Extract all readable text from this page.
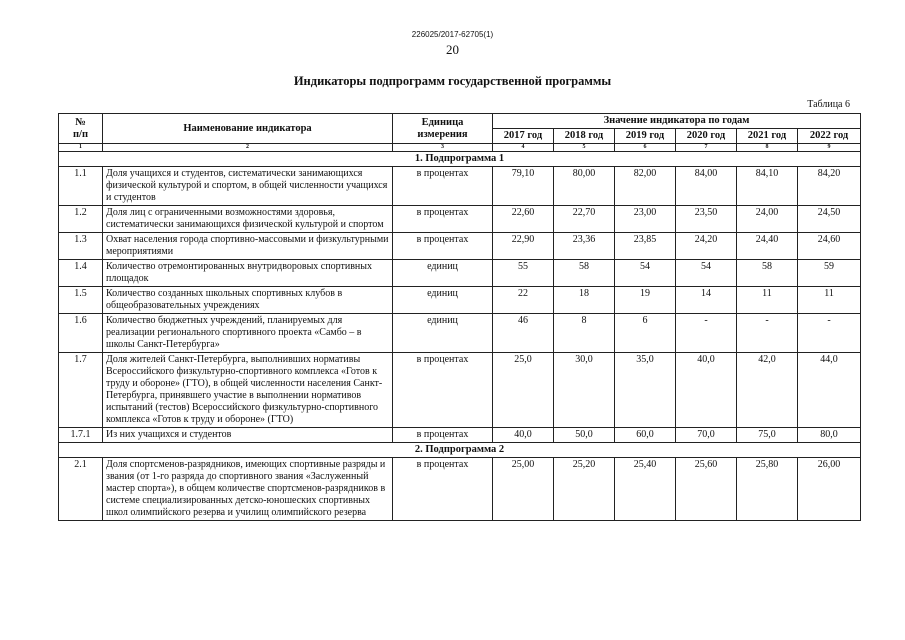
226025/2017-62705(1)
20
Индикаторы подпрограмм государственной программы
Таблица 6
№
п/п	Наименование индикатора	Единица
измерения	Значение индикатора по годам					
			2017 год	2018 год	2019 год	2020 год	2021 год	2022 год
1	2	3	4	5	6	7	8	9
1. Подпрограмма 1								
1.1	Доля учащихся и студентов, систематически занимающихся физической культурой и спортом, в общей численности учащихся и студентов	в процентах	79,10	80,00	82,00	84,00	84,10	84,20
1.2	Доля лиц с ограниченными возможностями здоровья, систематически занимающихся физической культурой и спортом	в процентах	22,60	22,70	23,00	23,50	24,00	24,50
1.3	Охват населения города спортивно-массовыми и физкультурными мероприятиями	в процентах	22,90	23,36	23,85	24,20	24,40	24,60
1.4	Количество отремонтированных внутридворовых спортивных площадок	единиц	55	58	54	54	58	59
1.5	Количество созданных школьных спортивных клубов в общеобразовательных учреждениях	единиц	22	18	19	14	11	11
1.6	Количество бюджетных учреждений, планируемых для реализации регионального спортивного проекта «Самбо – в школы Санкт-Петербурга»	единиц	46	8	6	-	-	-
1.7	Доля жителей Санкт-Петербурга, выполнивших нормативы Всероссийского физкультурно-спортивного комплекса «Готов к труду и обороне» (ГТО), в общей численности населения Санкт-Петербурга, принявшего участие в выполнении нормативов испытаний (тестов) Всероссийского физкультурно-спортивного комплекса «Готов к труду и обороне» (ГТО)	в процентах	25,0	30,0	35,0	40,0	42,0	44,0
1.7.1	Из них учащихся и студентов	в процентах	40,0	50,0	60,0	70,0	75,0	80,0
2. Подпрограмма 2								
2.1	Доля спортсменов-разрядников, имеющих спортивные разряды и звания (от 1-го разряда до спортивного звания «Заслуженный мастер спорта»), в общем количестве спортсменов-разрядников в системе специализированных детско-юношеских спортивных школ олимпийского резерва и училищ олимпийского резерва	в процентах	25,00	25,20	25,40	25,60	25,80	26,00
